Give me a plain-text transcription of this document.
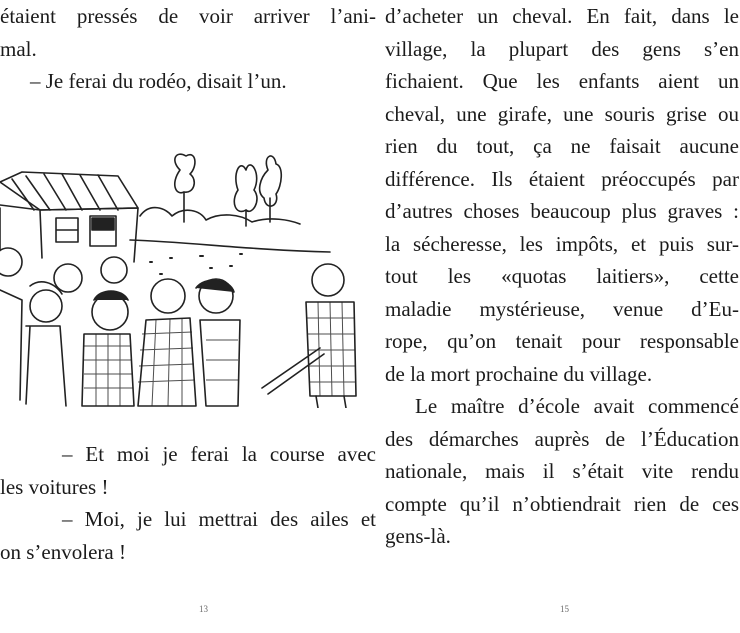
étaient pressés de voir arriver l’ani-
mal.
– Je ferai du rodéo, disait l’un.
– Et moi je ferai la course avec
les voitures !
– Moi, je lui mettrai des ailes et
on s’envolera !
13
d’acheter un cheval. En fait, dans le
village, la plupart des gens s’en
fichaient. Que les enfants aient un
cheval, une girafe, une souris grise ou
rien du tout, ça ne faisait aucune
différence. Ils étaient préoccupés par
d’autres choses beaucoup plus graves :
la sécheresse, les impôts, et puis sur-
tout les «quotas laitiers», cette
maladie mystérieuse, venue d’Eu-
rope, qu’on tenait pour responsable
de la mort prochaine du village.
Le maître d’école avait commencé
des démarches auprès de l’Éducation
nationale, mais il s’était vite rendu
compte qu’il n’obtiendrait rien de ces
gens-là.
15
